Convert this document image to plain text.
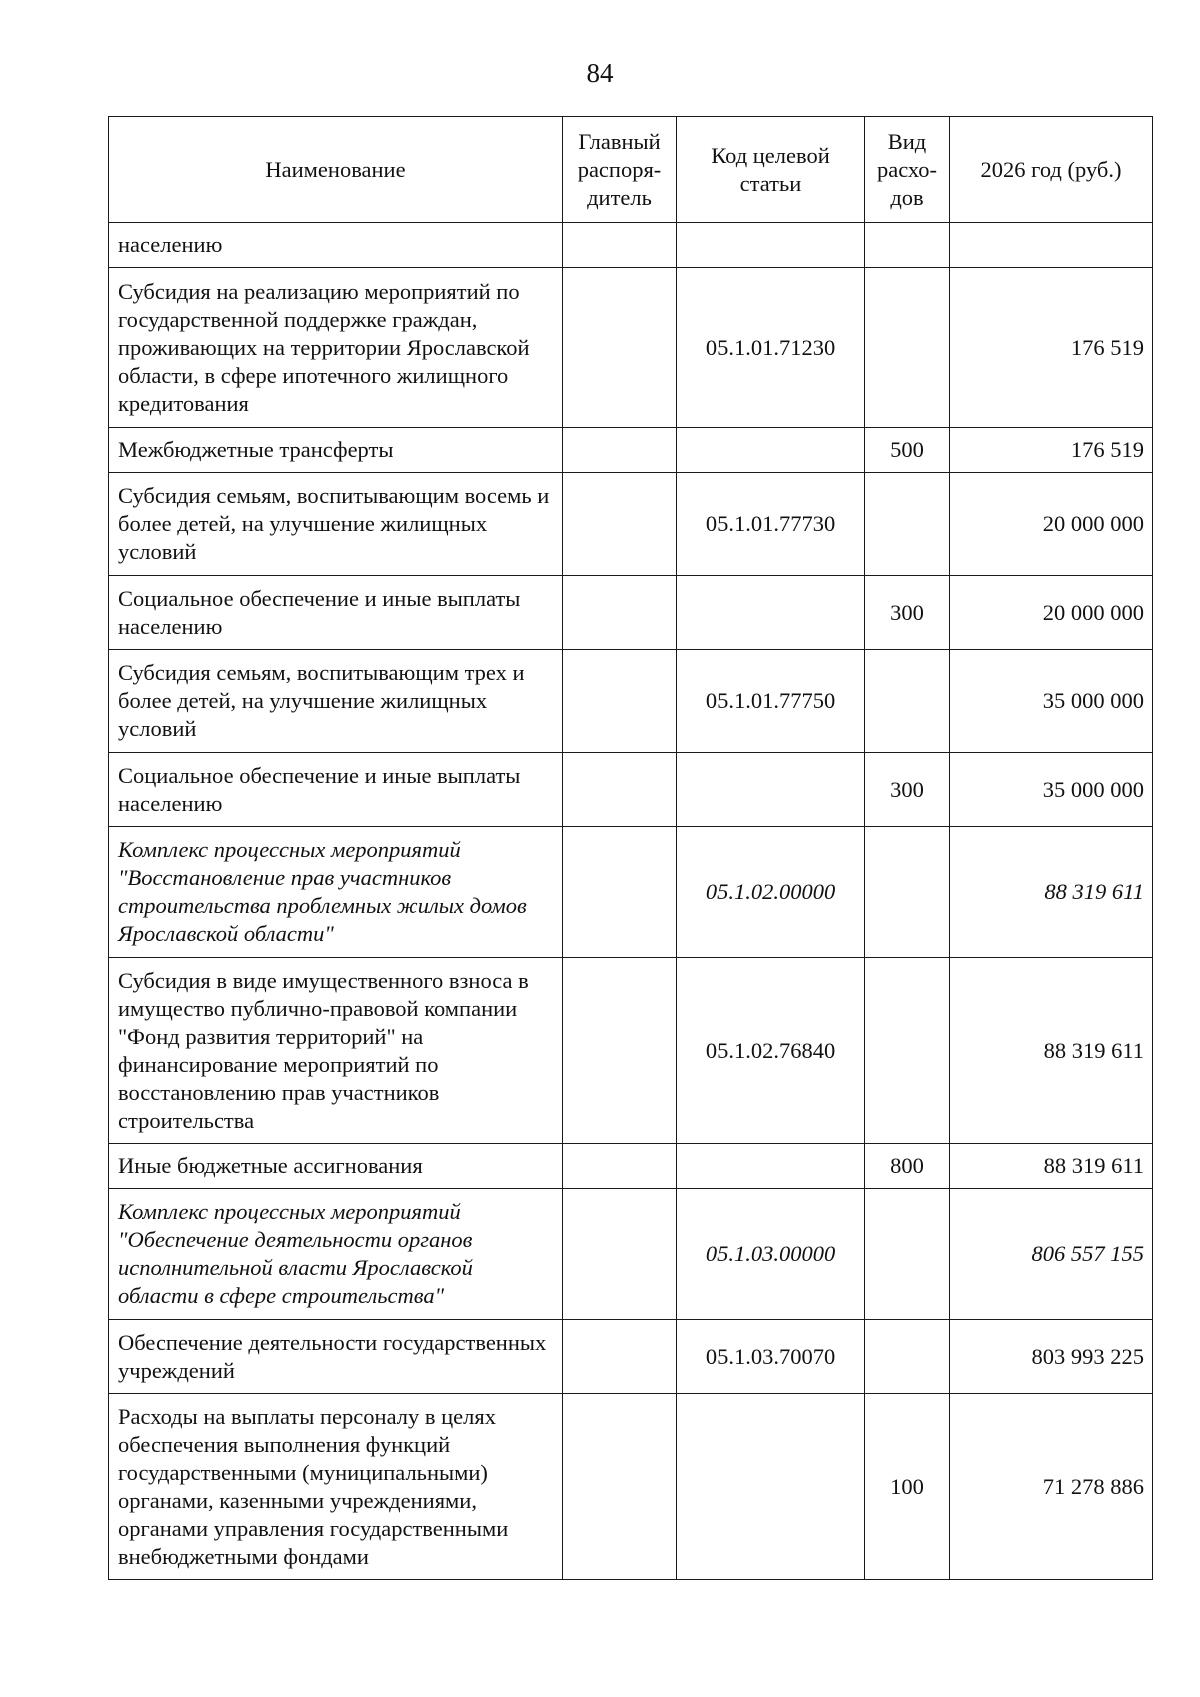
84
Наименование	Главный распоря-дитель	Код целевой статьи	Вид расхо-дов	2026 год (руб.)
населению				
Субсидия на реализацию мероприятий по государственной поддержке граждан, проживающих на территории Ярославской области, в сфере ипотечного жилищного кредитования		05.1.01.71230		176 519
Межбюджетные трансферты			500	176 519
Субсидия семьям, воспитывающим восемь и более детей, на улучшение жилищных условий		05.1.01.77730		20 000 000
Социальное обеспечение и иные выплаты населению			300	20 000 000
Субсидия семьям, воспитывающим трех и более детей, на улучшение жилищных условий		05.1.01.77750		35 000 000
Социальное обеспечение и иные выплаты населению			300	35 000 000
Комплекс процессных мероприятий "Восстановление прав участников строительства проблемных жилых домов Ярославской области"		05.1.02.00000		88 319 611
Субсидия в виде имущественного взноса в имущество публично-правовой компании "Фонд развития территорий" на финансирование мероприятий по восстановлению прав участников строительства		05.1.02.76840		88 319 611
Иные бюджетные ассигнования			800	88 319 611
Комплекс процессных мероприятий "Обеспечение деятельности органов исполнительной власти Ярославской области в сфере строительства"		05.1.03.00000		806 557 155
Обеспечение деятельности государственных учреждений		05.1.03.70070		803 993 225
Расходы на выплаты персоналу в целях обеспечения выполнения функций государственными (муниципальными) органами, казенными учреждениями, органами управления государственными внебюджетными фондами			100	71 278 886
